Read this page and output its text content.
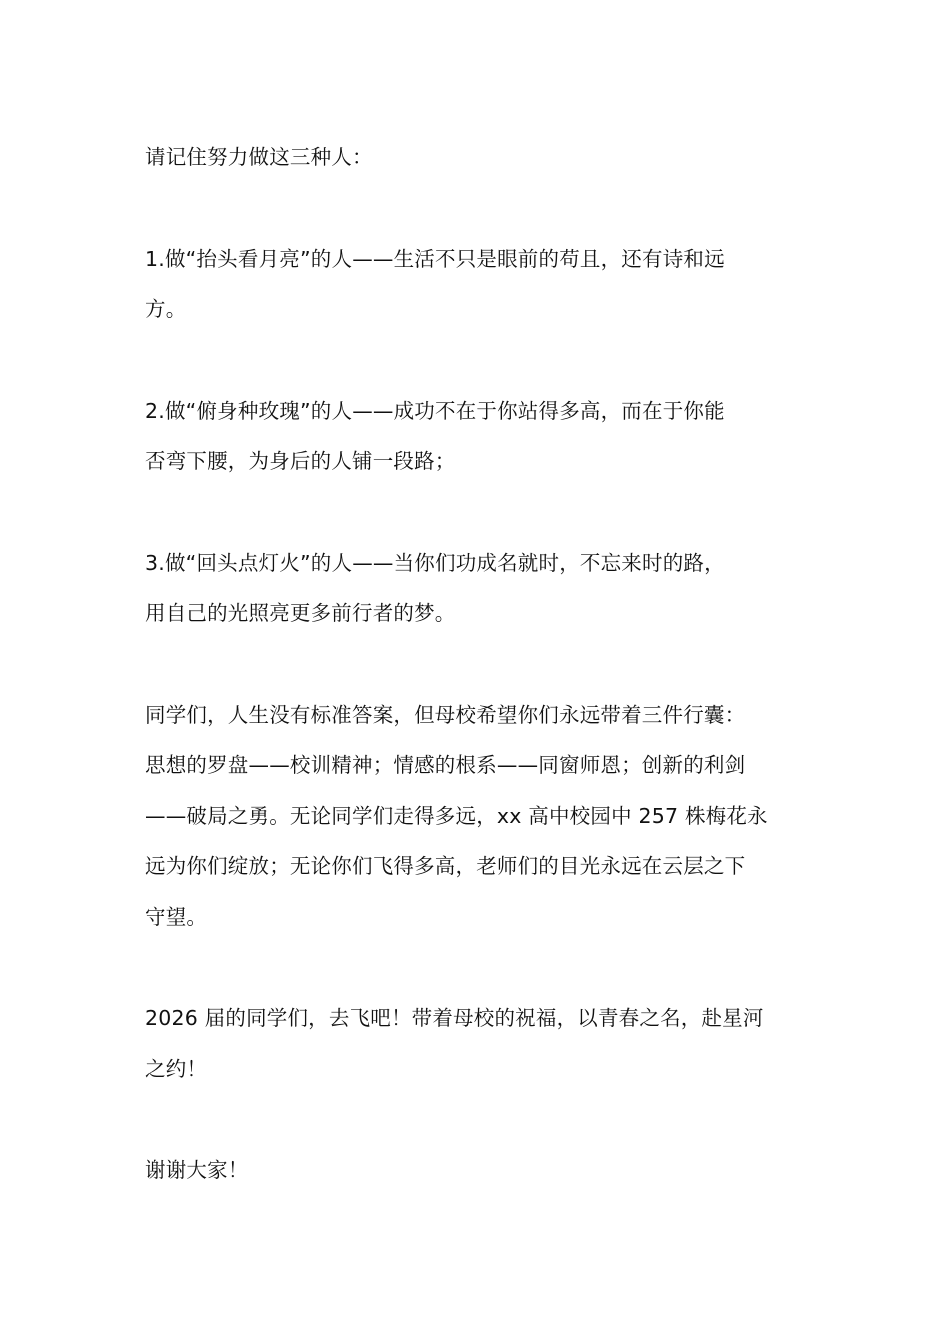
请记住努力做这三种人：

1.做“抬头看月亮”的人——生活不只是眼前的苟且，还有诗和远
方。

2.做“俯身种玫瑰”的人——成功不在于你站得多高，而在于你能
否弯下腰，为身后的人铺一段路；

3.做“回头点灯火”的人——当你们功成名就时，不忘来时的路，
用自己的光照亮更多前行者的梦。

同学们，人生没有标准答案，但母校希望你们永远带着三件行囊：
思想的罗盘——校训精神；情感的根系——同窗师恩；创新的利剑
——破局之勇。无论同学们走得多远，xx 高中校园中 257 株梅花永
远为你们绽放；无论你们飞得多高，老师们的目光永远在云层之下
守望。

2026 届的同学们，去飞吧！带着母校的祝福，以青春之名，赴星河
之约！

谢谢大家！
